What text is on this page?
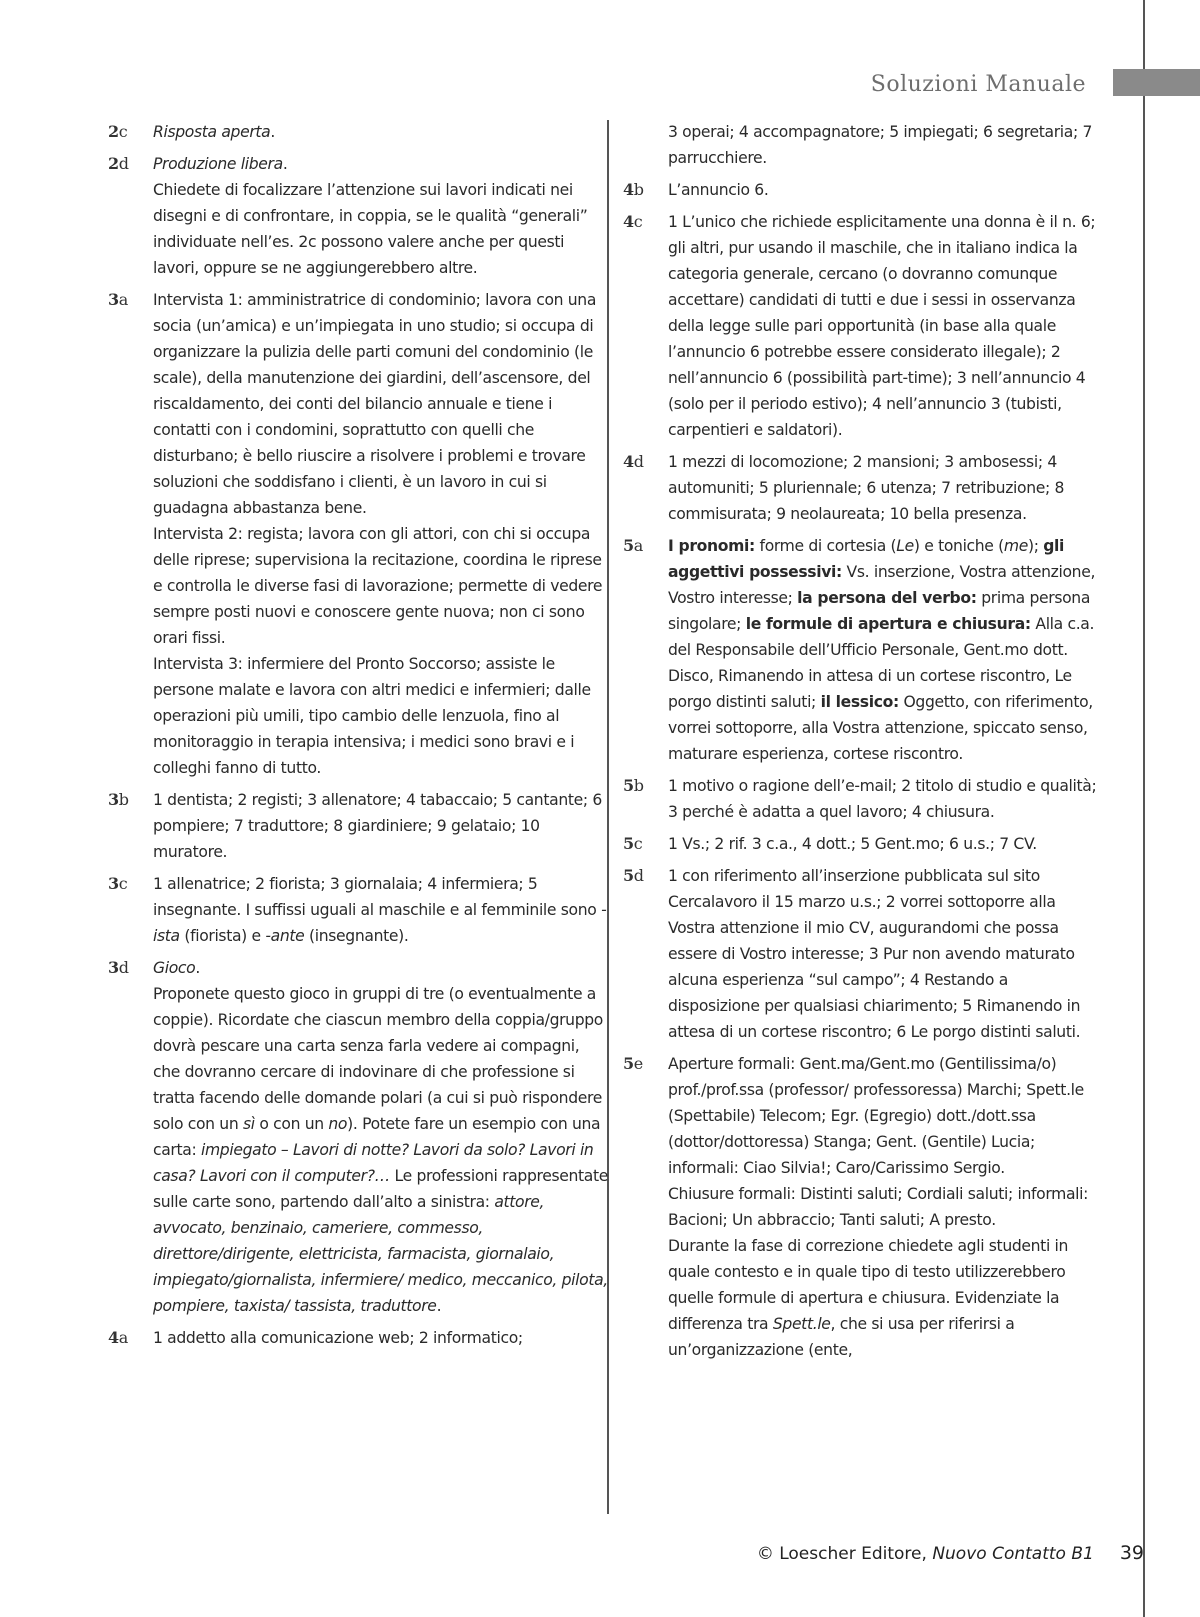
Soluzioni Manuale
2c	Risposta aperta.
2d	Produzione libera.
Chiedete di focalizzare l’attenzione sui lavori indicati nei disegni e di confrontare, in coppia, se le qualità “generali” individuate nell’es. 2c possono valere anche per questi lavori, oppure se ne aggiungerebbero altre.
3a	Intervista 1: amministratrice di condominio; lavora con una socia (un’amica) e un’impiegata in uno studio; si occupa di organizzare la pulizia delle parti comuni del condominio (le scale), della manutenzione dei giardini, dell’ascensore, del riscaldamento, dei conti del bilancio annuale e tiene i contatti con i condomini, soprattutto con quelli che disturbano; è bello riuscire a risolvere i problemi e trovare soluzioni che soddisfano i clienti, è un lavoro in cui si guadagna abbastanza bene.
Intervista 2: regista; lavora con gli attori, con chi si occupa delle riprese; supervisiona la recitazione, coordina le riprese e controlla le diverse fasi di lavorazione; permette di vedere sempre posti nuovi e conoscere gente nuova; non ci sono orari fissi.
Intervista 3: infermiere del Pronto Soccorso; assiste le persone malate e lavora con altri medici e infermieri; dalle operazioni più umili, tipo cambio delle lenzuola, fino al monitoraggio in terapia intensiva; i medici sono bravi e i colleghi fanno di tutto.
3b	1 dentista; 2 registi; 3 allenatore; 4 tabaccaio; 5 cantante; 6 pompiere; 7 traduttore; 8 giardiniere; 9 gelataio; 10 muratore.
3c	1 allenatrice; 2 fiorista; 3 giornalaia; 4 infermiera; 5 insegnante. I suffissi uguali al maschile e al femminile sono -ista (fiorista) e -ante (insegnante).
3d	Gioco.
Proponete questo gioco in gruppi di tre (o eventualmente a coppie). Ricordate che ciascun membro della coppia/gruppo dovrà pescare una carta senza farla vedere ai compagni, che dovranno cercare di indovinare di che professione si tratta facendo delle domande polari (a cui si può rispondere solo con un sì o con un no). Potete fare un esempio con una carta: impiegato – Lavori di notte? Lavori da solo? Lavori in casa? Lavori con il computer?… Le professioni rappresentate sulle carte sono, partendo dall’alto a sinistra: attore, avvocato, benzinaio, cameriere, commesso, direttore/dirigente, elettricista, farmacista, giornalaio, impiegato/giornalista, infermiere/ medico, meccanico, pilota, pompiere, taxista/ tassista, traduttore.
4a	1 addetto alla comunicazione web; 2 informatico;
3 operai; 4 accompagnatore; 5 impiegati; 6 segretaria; 7 parrucchiere.
4b	L’annuncio 6.
4c	1 L’unico che richiede esplicitamente una donna è il n. 6; gli altri, pur usando il maschile, che in italiano indica la categoria generale, cercano (o dovranno comunque accettare) candidati di tutti e due i sessi in osservanza della legge sulle pari opportunità (in base alla quale l’annuncio 6 potrebbe essere considerato illegale); 2 nell’annuncio 6 (possibilità part-time); 3 nell’annuncio 4 (solo per il periodo estivo); 4 nell’annuncio 3 (tubisti, carpentieri e saldatori).
4d	1 mezzi di locomozione; 2 mansioni; 3 ambosessi; 4 automuniti; 5 pluriennale; 6 utenza; 7 retribuzione; 8 commisurata; 9 neolaureata; 10 bella presenza.
5a	I pronomi: forme di cortesia (Le) e toniche (me); gli aggettivi possessivi: Vs. inserzione, Vostra attenzione, Vostro interesse; la persona del verbo: prima persona singolare; le formule di apertura e chiusura: Alla c.a. del Responsabile dell’Ufficio Personale, Gent.mo dott. Disco, Rimanendo in attesa di un cortese riscontro, Le porgo distinti saluti; il lessico: Oggetto, con riferimento, vorrei sottoporre, alla Vostra attenzione, spiccato senso, maturare esperienza, cortese riscontro.
5b	1 motivo o ragione dell’e-mail; 2 titolo di studio e qualità; 3 perché è adatta a quel lavoro; 4 chiusura.
5c	1 Vs.; 2 rif. 3 c.a., 4 dott.; 5 Gent.mo; 6 u.s.; 7 CV.
5d	1 con riferimento all’inserzione pubblicata sul sito Cercalavoro il 15 marzo u.s.; 2 vorrei sottoporre alla Vostra attenzione il mio CV, augurandomi che possa essere di Vostro interesse; 3 Pur non avendo maturato alcuna esperienza “sul campo”; 4 Restando a disposizione per qualsiasi chiarimento; 5 Rimanendo in attesa di un cortese riscontro; 6 Le porgo distinti saluti.
5e	Aperture formali: Gent.ma/Gent.mo (Gentilissima/o) prof./prof.ssa (professor/ professoressa) Marchi; Spett.le (Spettabile) Telecom; Egr. (Egregio) dott./dott.ssa (dottor/dottoressa) Stanga; Gent. (Gentile) Lucia; informali: Ciao Silvia!; Caro/Carissimo Sergio.
Chiusure formali: Distinti saluti; Cordiali saluti; informali: Bacioni; Un abbraccio; Tanti saluti; A presto.
Durante la fase di correzione chiedete agli studenti in quale contesto e in quale tipo di testo utilizzerebbero quelle formule di apertura e chiusura. Evidenziate la differenza tra Spett.le, che si usa per riferirsi a un’organizzazione (ente,
© Loescher Editore, Nuovo Contatto B1 39
